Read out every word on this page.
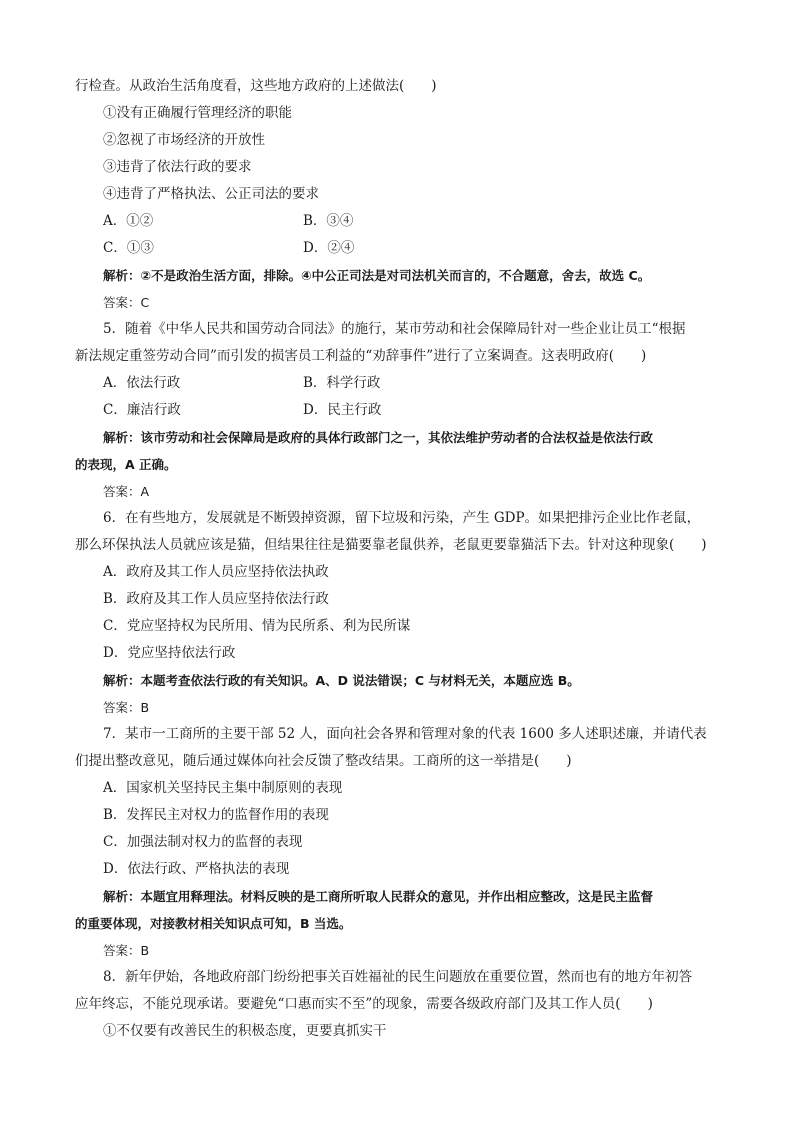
行检查。从政治生活角度看，这些地方政府的上述做法(　　)
①没有正确履行管理经济的职能
②忽视了市场经济的开放性
③违背了依法行政的要求
④违背了严格执法、公正司法的要求
A．①②	B．③④
C．①③	D．②④
解析：②不是政治生活方面，排除。④中公正司法是对司法机关而言的，不合题意，舍去，故选 C。
答案：C
5．随着《中华人民共和国劳动合同法》的施行，某市劳动和社会保障局针对一些企业让员工“根据
新法规定重签劳动合同”而引发的损害员工利益的“劝辞事件”进行了立案调查。这表明政府(　　)
A．依法行政	B．科学行政
C．廉洁行政	D．民主行政
解析：该市劳动和社会保障局是政府的具体行政部门之一，其依法维护劳动者的合法权益是依法行政
的表现，A 正确。
答案：A
6．在有些地方，发展就是不断毁掉资源，留下垃圾和污染，产生 GDP。如果把排污企业比作老鼠，
那么环保执法人员就应该是猫，但结果往往是猫要靠老鼠供养，老鼠更要靠猫活下去。针对这种现象(　　)
A．政府及其工作人员应坚持依法执政
B．政府及其工作人员应坚持依法行政
C．党应坚持权为民所用、情为民所系、利为民所谋
D．党应坚持依法行政
解析：本题考查依法行政的有关知识。A、D 说法错误；C 与材料无关，本题应选 B。
答案：B
7．某市一工商所的主要干部 52 人，面向社会各界和管理对象的代表 1600 多人述职述廉，并请代表
们提出整改意见，随后通过媒体向社会反馈了整改结果。工商所的这一举措是(　　)
A．国家机关坚持民主集中制原则的表现
B．发挥民主对权力的监督作用的表现
C．加强法制对权力的监督的表现
D．依法行政、严格执法的表现
解析：本题宜用释理法。材料反映的是工商所听取人民群众的意见，并作出相应整改，这是民主监督
的重要体现，对接教材相关知识点可知，B 当选。
答案：B
8．新年伊始，各地政府部门纷纷把事关百姓福祉的民生问题放在重要位置，然而也有的地方年初答
应年终忘，不能兑现承诺。要避免“口惠而实不至”的现象，需要各级政府部门及其工作人员(　　)
①不仅要有改善民生的积极态度，更要真抓实干
